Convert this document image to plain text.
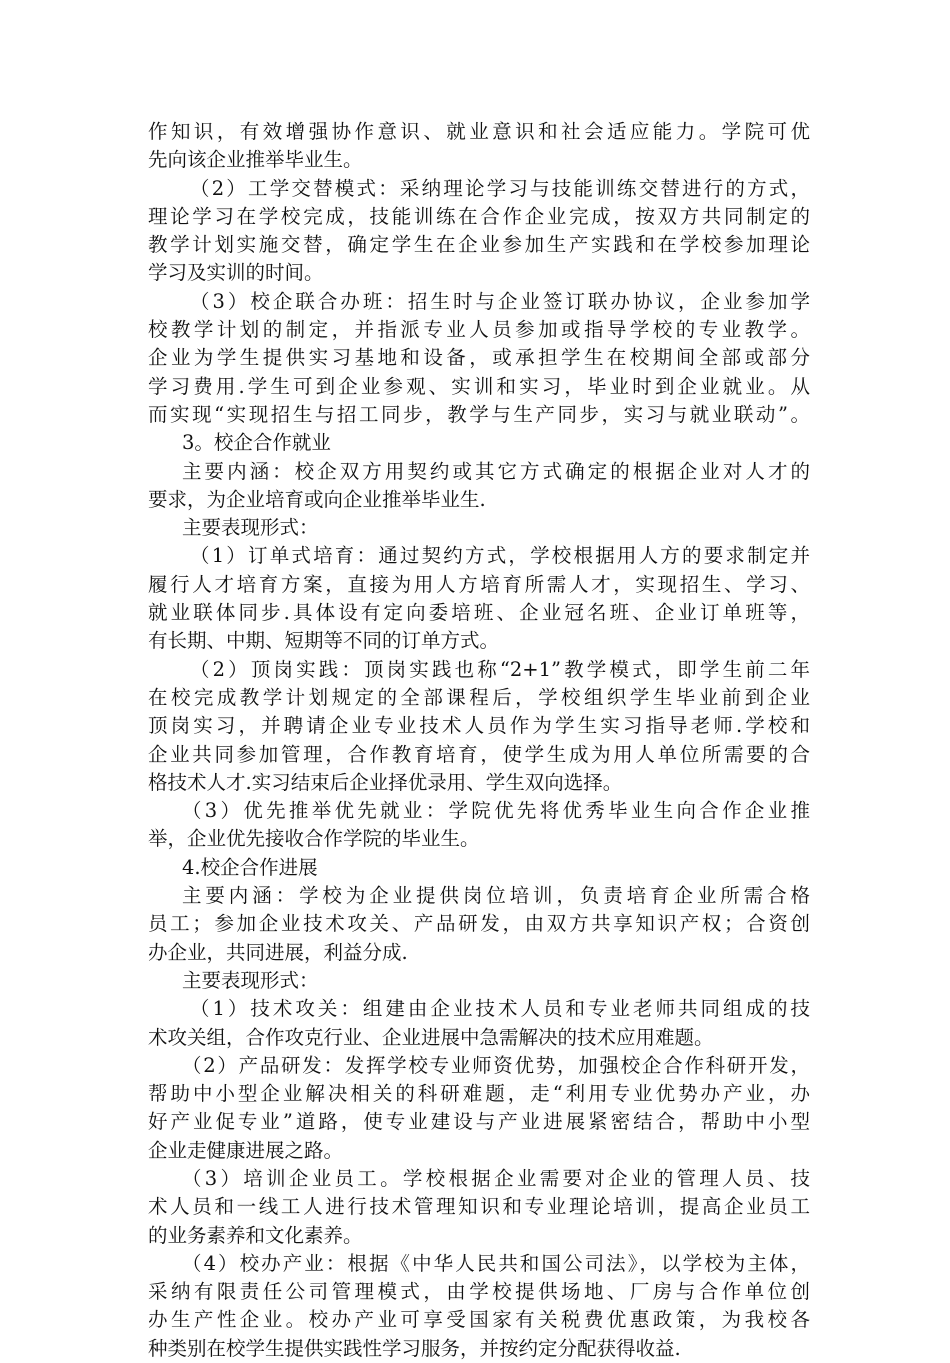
作知识，有效增强协作意识、就业意识和社会适应能力。学院可优
先向该企业推举毕业生。
（2）工学交替模式：采纳理论学习与技能训练交替进行的方式，
理论学习在学校完成，技能训练在合作企业完成，按双方共同制定的
教学计划实施交替，确定学生在企业参加生产实践和在学校参加理论
学习及实训的时间。
（3）校企联合办班：招生时与企业签订联办协议，企业参加学
校教学计划的制定，并指派专业人员参加或指导学校的专业教学。
企业为学生提供实习基地和设备，或承担学生在校期间全部或部分
学习费用.学生可到企业参观、实训和实习，毕业时到企业就业。从
而实现“实现招生与招工同步，教学与生产同步，实习与就业联动”。
3。校企合作就业
主要内涵：校企双方用契约或其它方式确定的根据企业对人才的
要求，为企业培育或向企业推举毕业生.
主要表现形式：
（1）订单式培育：通过契约方式，学校根据用人方的要求制定并
履行人才培育方案，直接为用人方培育所需人才，实现招生、学习、
就业联体同步.具体设有定向委培班、企业冠名班、企业订单班等，
有长期、中期、短期等不同的订单方式。
（2）顶岗实践：顶岗实践也称“2+1”教学模式，即学生前二年
在校完成教学计划规定的全部课程后，学校组织学生毕业前到企业
顶岗实习，并聘请企业专业技术人员作为学生实习指导老师.学校和
企业共同参加管理，合作教育培育，使学生成为用人单位所需要的合
格技术人才.实习结束后企业择优录用、学生双向选择。
（3）优先推举优先就业：学院优先将优秀毕业生向合作企业推
举，企业优先接收合作学院的毕业生。
4.校企合作进展
主要内涵：学校为企业提供岗位培训，负责培育企业所需合格
员工；参加企业技术攻关、产品研发，由双方共享知识产权；合资创
办企业，共同进展，利益分成.
主要表现形式：
（1）技术攻关：组建由企业技术人员和专业老师共同组成的技
术攻关组，合作攻克行业、企业进展中急需解决的技术应用难题。
（2）产品研发：发挥学校专业师资优势，加强校企合作科研开发，
帮助中小型企业解决相关的科研难题，走“利用专业优势办产业，办
好产业促专业”道路，使专业建设与产业进展紧密结合，帮助中小型
企业走健康进展之路。
（3）培训企业员工。学校根据企业需要对企业的管理人员、技
术人员和一线工人进行技术管理知识和专业理论培训，提高企业员工
的业务素养和文化素养。
（4）校办产业：根据《中华人民共和国公司法》，以学校为主体，
采纳有限责任公司管理模式，由学校提供场地、厂房与合作单位创
办生产性企业。校办产业可享受国家有关税费优惠政策，为我校各
种类别在校学生提供实践性学习服务，并按约定分配获得收益.
